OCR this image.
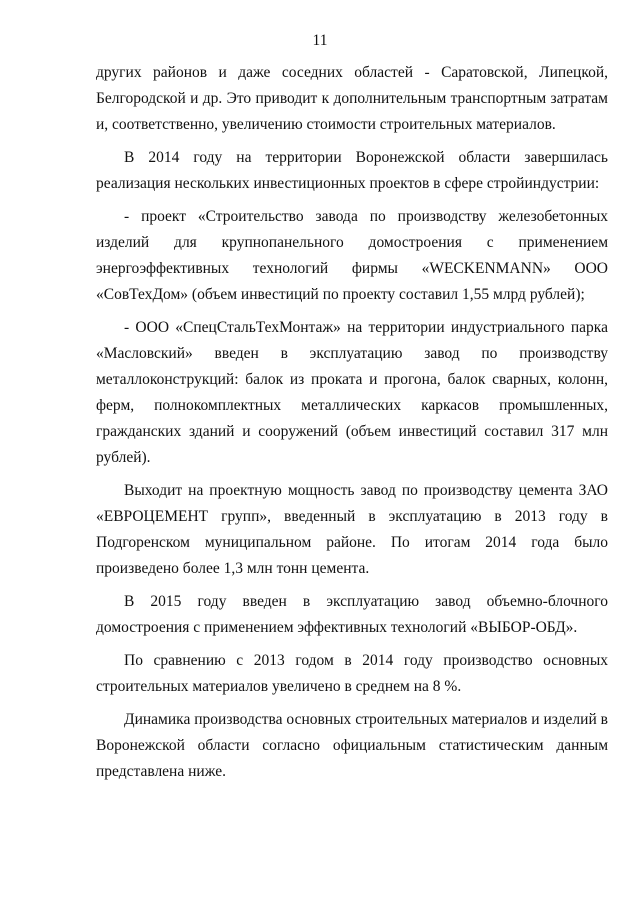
11

других районов и даже соседних областей - Саратовской, Липецкой, Белгородской и др. Это приводит к дополнительным транспортным затратам и, соответственно, увеличению стоимости строительных материалов.

В 2014 году на территории Воронежской области завершилась реализация нескольких инвестиционных проектов в сфере стройиндустрии:

- проект «Строительство завода по производству железобетонных изделий для крупнопанельного домостроения с применением энергоэффективных технологий фирмы «WECKENMANN» ООО «СовТехДом» (объем инвестиций по проекту составил 1,55 млрд рублей);

- ООО «СпецСтальТехМонтаж» на территории индустриального парка «Масловский» введен в эксплуатацию завод по производству металлоконструкций: балок из проката и прогона, балок сварных, колонн, ферм, полнокомплектных металлических каркасов промышленных, гражданских зданий и сооружений (объем инвестиций составил 317 млн рублей).

Выходит на проектную мощность завод по производству цемента ЗАО «ЕВРОЦЕМЕНТ групп», введенный в эксплуатацию в 2013 году в Подгоренском муниципальном районе. По итогам 2014 года было произведено более 1,3 млн тонн цемента.

В 2015 году введен в эксплуатацию завод объемно-блочного домостроения с применением эффективных технологий «ВЫБОР-ОБД».

По сравнению с 2013 годом в 2014 году производство основных строительных материалов увеличено в среднем на 8 %.

Динамика производства основных строительных материалов и изделий в Воронежской области согласно официальным статистическим данным представлена ниже.
